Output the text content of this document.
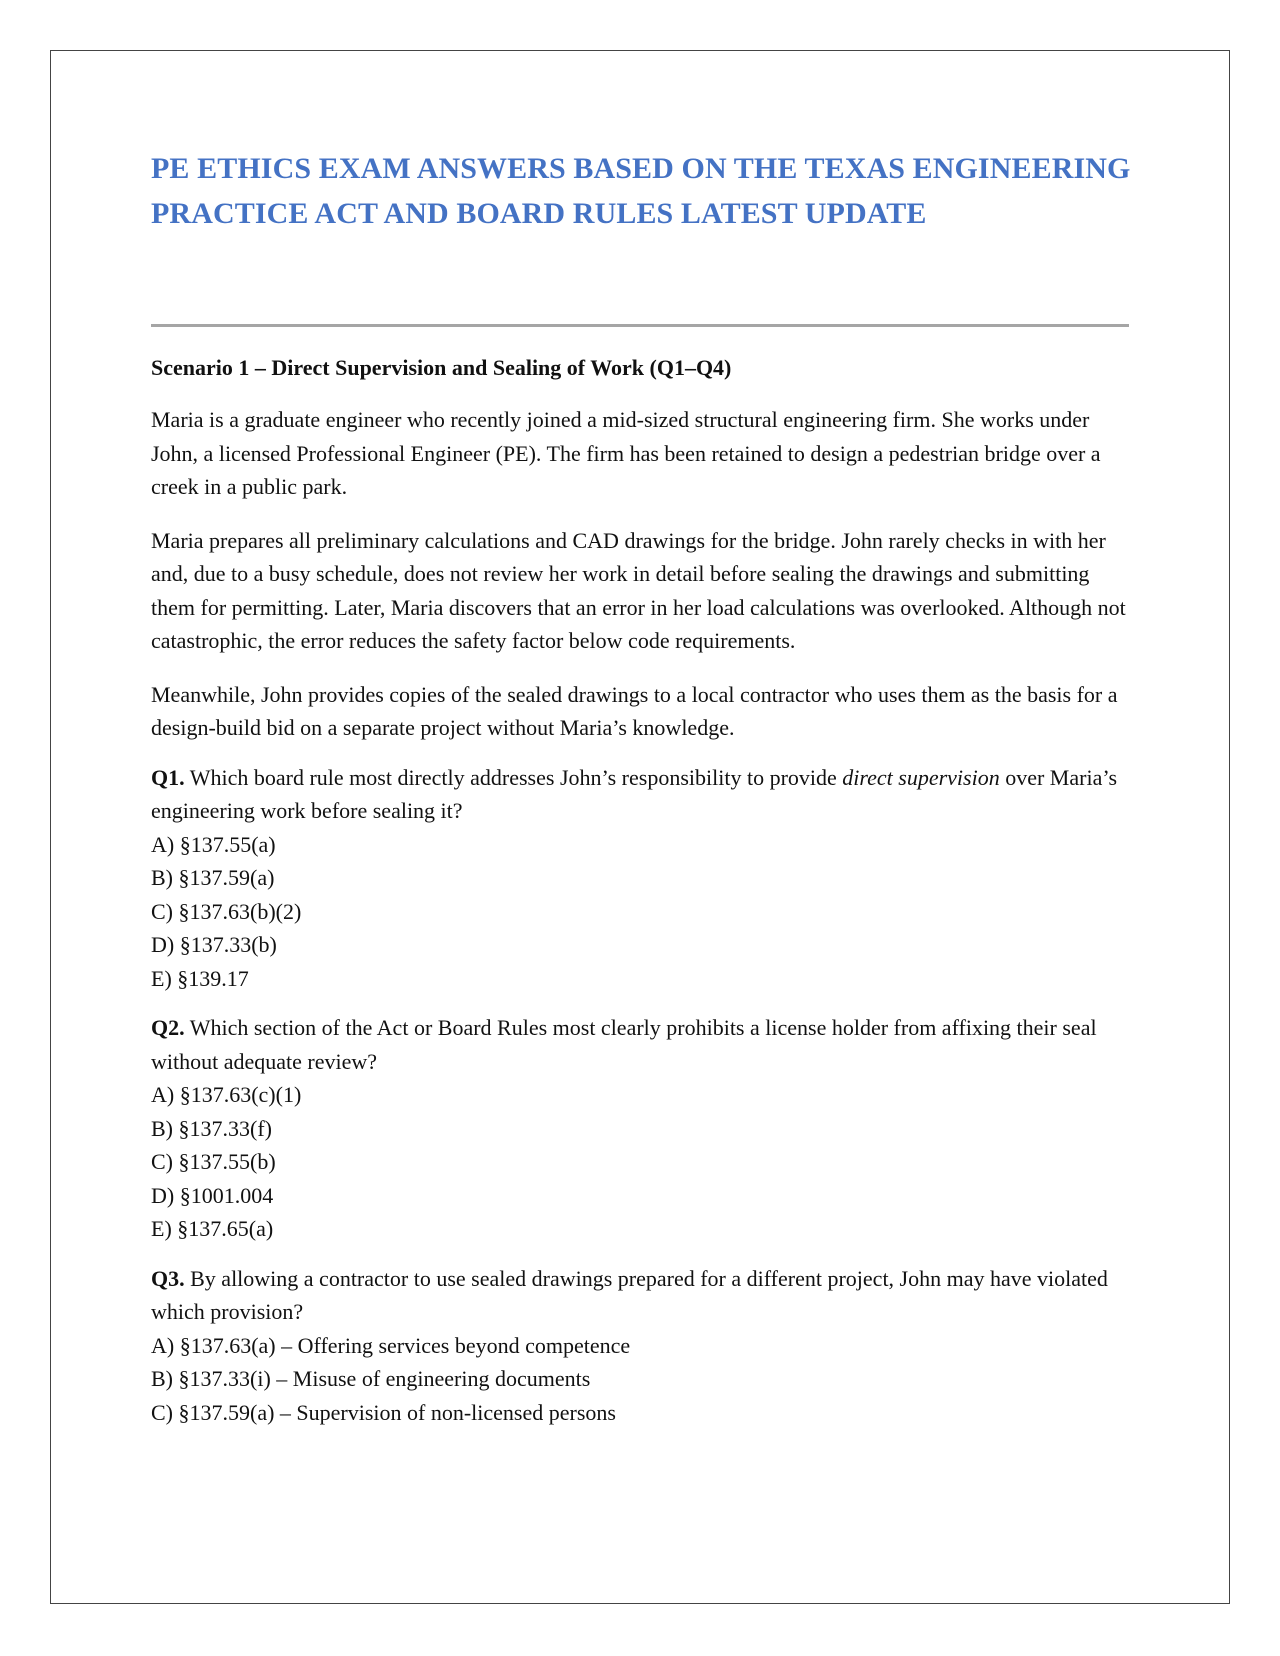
PE ETHICS EXAM ANSWERS BASED ON THE TEXAS ENGINEERING PRACTICE ACT AND BOARD RULES LATEST UPDATE
Scenario 1 – Direct Supervision and Sealing of Work (Q1–Q4)

Maria is a graduate engineer who recently joined a mid-sized structural engineering firm. She works under John, a licensed Professional Engineer (PE). The firm has been retained to design a pedestrian bridge over a creek in a public park.

Maria prepares all preliminary calculations and CAD drawings for the bridge. John rarely checks in with her and, due to a busy schedule, does not review her work in detail before sealing the drawings and submitting them for permitting. Later, Maria discovers that an error in her load calculations was overlooked. Although not catastrophic, the error reduces the safety factor below code requirements.

Meanwhile, John provides copies of the sealed drawings to a local contractor who uses them as the basis for a design-build bid on a separate project without Maria’s knowledge.

Q1. Which board rule most directly addresses John’s responsibility to provide direct supervision over Maria’s engineering work before sealing it?
A) §137.55(a)
B) §137.59(a)
C) §137.63(b)(2)
D) §137.33(b)
E) §139.17
Q2. Which section of the Act or Board Rules most clearly prohibits a license holder from affixing their seal without adequate review?
A) §137.63(c)(1)
B) §137.33(f)
C) §137.55(b)
D) §1001.004
E) §137.65(a)
Q3. By allowing a contractor to use sealed drawings prepared for a different project, John may have violated which provision?
A) §137.63(a) – Offering services beyond competence
B) §137.33(i) – Misuse of engineering documents
C) §137.59(a) – Supervision of non-licensed persons
